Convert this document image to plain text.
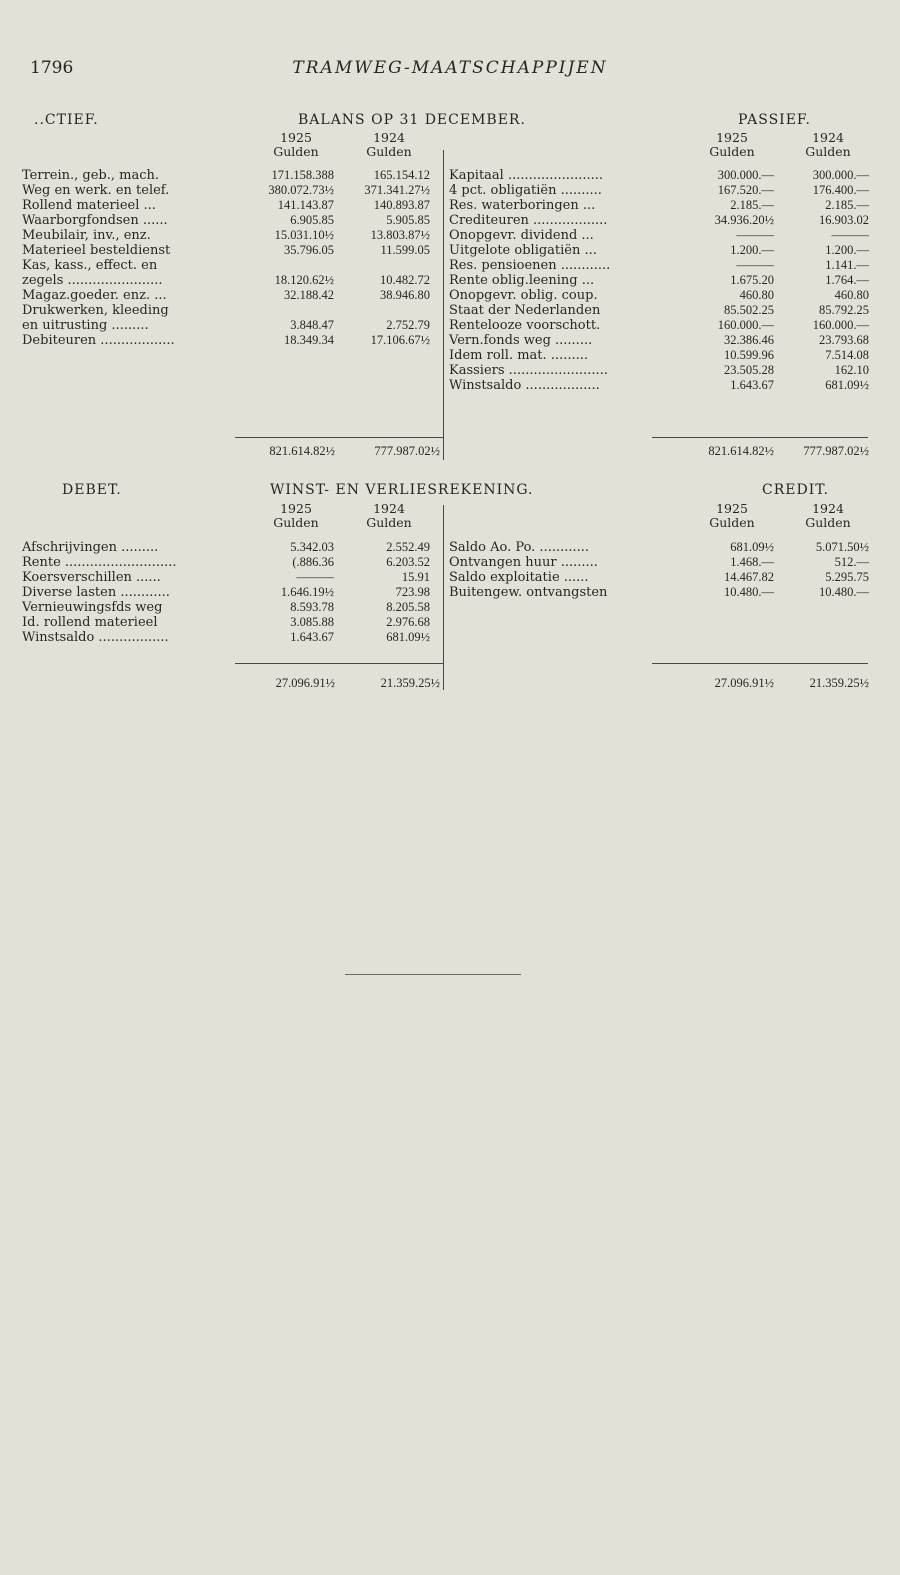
1796	TRAMWEG-MAATSCHAPPIJEN
..CTIEF.	BALANS OP 31 DECEMBER.	PASSIEF.
1925
Gulden
1924
Gulden
1925
Gulden
1924
Gulden
Terrein., geb., mach.	171.158.388	165.154.12
Weg en werk. en telef.	380.072.73½ 371.341.27½
Rollend materieel ...	141.143.87	140.893.87
Waarborgfondsen ......	6.905.85	5.905.85
Meubilair, inv., enz.	15.031.10½	13.803.87½
Materieel besteldienst	35.796.05	11.599.05
Kas, kass., effect. en
zegels .......................	18.120.62½	10.482.72
Magaz.goeder. enz. ...	32.188.42	38.946.80
Drukwerken, kleeding
en uitrusting .........	3.848.47	2.752.79
Debiteuren ..................	18.349.34	17.106.67½
Kapitaal .......................	300.000.—	300.000.—
4 pct. obligatiën ..........	167.520.—	176.400.—
Res. waterboringen ...	2.185.—	2.185.—
Crediteuren ..................	34.936.20½	16.903.02
Onopgevr. dividend ...	———	———
Uitgelote obligatiën ...	1.200.—	1.200.—
Res. pensioenen ............	———	1.141.—
Rente oblig.leening ...	1.675.20	1.764.—
Onopgevr. oblig. coup.	460.80	460.80
Staat der Nederlanden	85.502.25	85.792.25
Rentelooze voorschott.	160.000.—	160.000.—
Vern.fonds weg .........	32.386.46	23.793.68
Idem roll. mat. .........	10.599.96	7.514.08
Kassiers ........................	23.505.28	162.10
Winstsaldo ..................	1.643.67	681.09½
821.614.82½	777.987.02½	821.614.82½	777.987.02½
DEBET.	WINST- EN VERLIESREKENING.	CREDIT.
1925
Gulden
1924
Gulden
1925
Gulden
1924
Gulden
Afschrijvingen .........	5.342.03	2.552.49
Rente ...........................	(.886.36	6.203.52
Koersverschillen ......	———	15.91
Diverse lasten ............	1.646.19½	723.98
Vernieuwingsfds weg	8.593.78	8.205.58
Id. rollend materieel	3.085.88	2.976.68
Winstsaldo .................	1.643.67	681.09½
Saldo Ao. Po. ............	681.09½	5.071.50½
Ontvangen huur .........	1.468.—	512.—
Saldo exploitatie ......	14.467.82	5.295.75
Buitengew. ontvangsten	10.480.—	10.480.—
27.096.91½	21.359.25½	27.096.91½	21.359.25½
